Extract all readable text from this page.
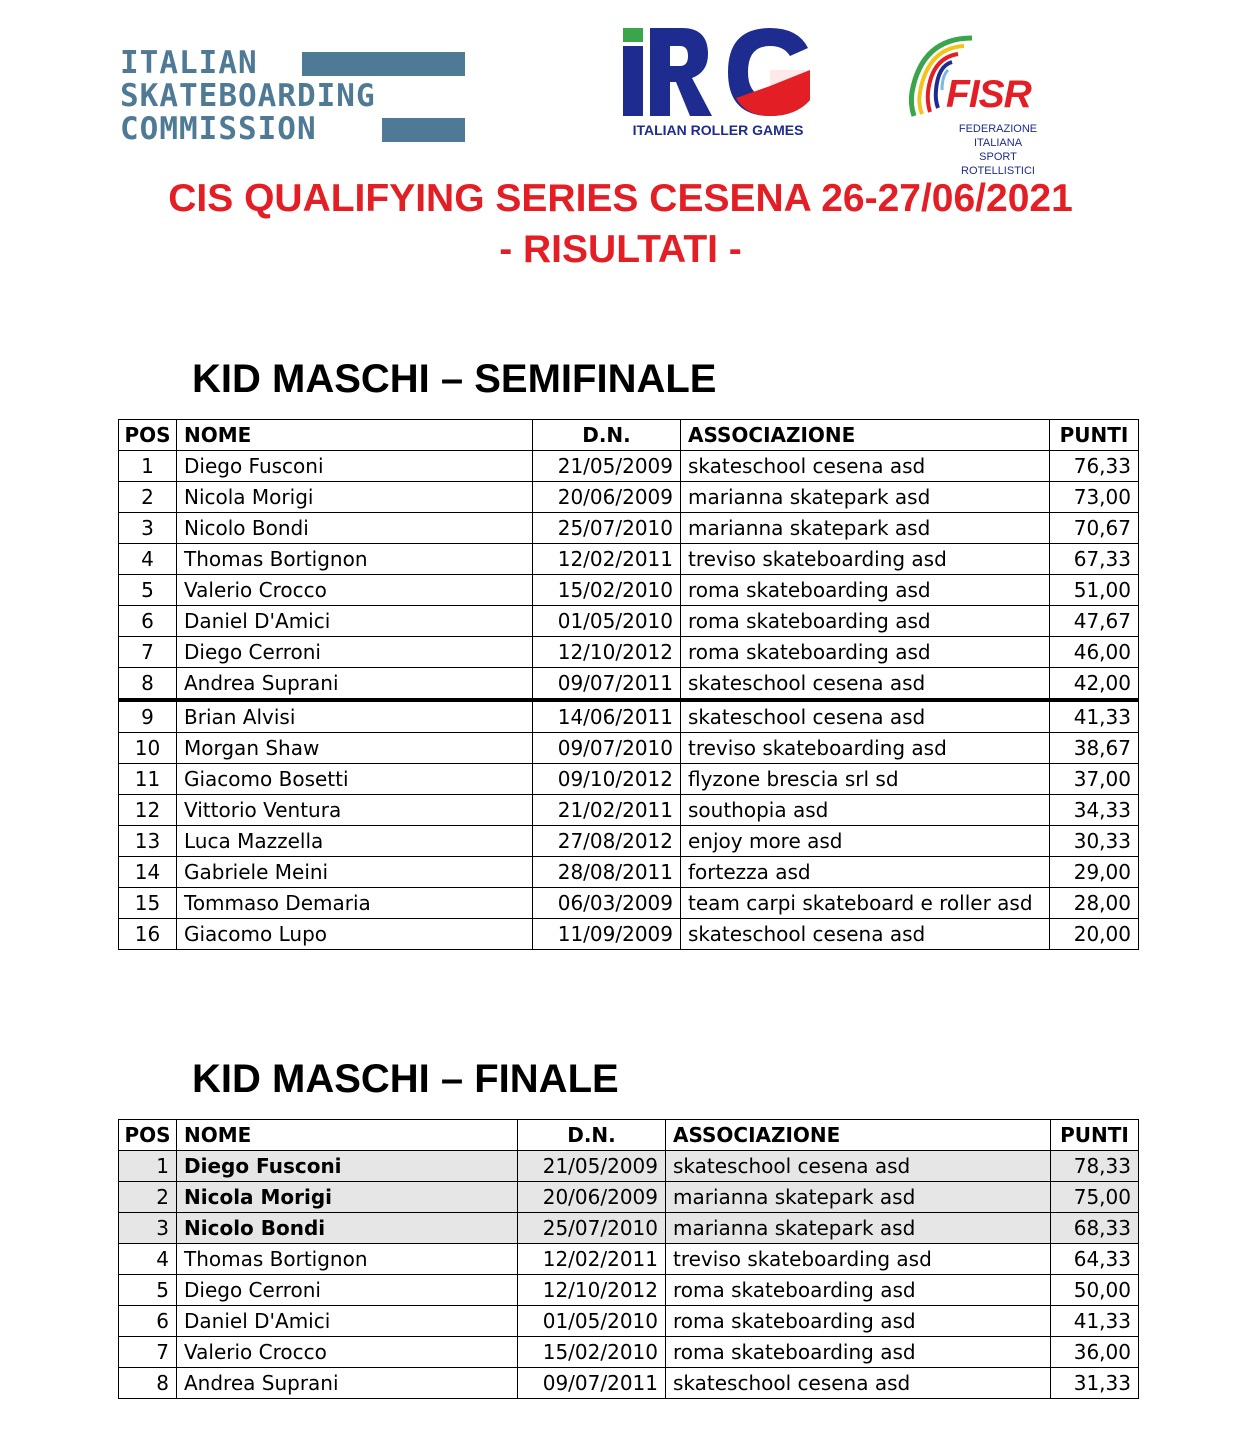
ITALIAN
SKATEBOARDING
COMMISSION	ITALIAN ROLLER GAMES
FISR
FEDERAZIONE ITALIANA
SPORT ROTELLISTICI
CIS QUALIFYING SERIES CESENA 26-27/06/2021
- RISULTATI -
KID MASCHI – SEMIFINALE
POS	NOME	D.N.	ASSOCIAZIONE	PUNTI
1	Diego Fusconi	21/05/2009	skateschool cesena asd	76,33
2	Nicola Morigi	20/06/2009	marianna skatepark asd	73,00
3	Nicolo Bondi	25/07/2010	marianna skatepark asd	70,67
4	Thomas Bortignon	12/02/2011	treviso skateboarding asd	67,33
5	Valerio Crocco	15/02/2010	roma skateboarding asd	51,00
6	Daniel D'Amici	01/05/2010	roma skateboarding asd	47,67
7	Diego Cerroni	12/10/2012	roma skateboarding asd	46,00
8	Andrea Suprani	09/07/2011	skateschool cesena asd	42,00
9	Brian Alvisi	14/06/2011	skateschool cesena asd	41,33
10	Morgan Shaw	09/07/2010	treviso skateboarding asd	38,67
11	Giacomo Bosetti	09/10/2012	flyzone brescia srl sd	37,00
12	Vittorio Ventura	21/02/2011	southopia asd	34,33
13	Luca Mazzella	27/08/2012	enjoy more asd	30,33
14	Gabriele Meini	28/08/2011	fortezza asd	29,00
15	Tommaso Demaria	06/03/2009	team carpi skateboard e roller asd	28,00
16	Giacomo Lupo	11/09/2009	skateschool cesena asd	20,00
KID MASCHI – FINALE
POS	NOME	D.N.	ASSOCIAZIONE	PUNTI
1	Diego Fusconi	21/05/2009	skateschool cesena asd	78,33
2	Nicola Morigi	20/06/2009	marianna skatepark asd	75,00
3	Nicolo Bondi	25/07/2010	marianna skatepark asd	68,33
4	Thomas Bortignon	12/02/2011	treviso skateboarding asd	64,33
5	Diego Cerroni	12/10/2012	roma skateboarding asd	50,00
6	Daniel D'Amici	01/05/2010	roma skateboarding asd	41,33
7	Valerio Crocco	15/02/2010	roma skateboarding asd	36,00
8	Andrea Suprani	09/07/2011	skateschool cesena asd	31,33
